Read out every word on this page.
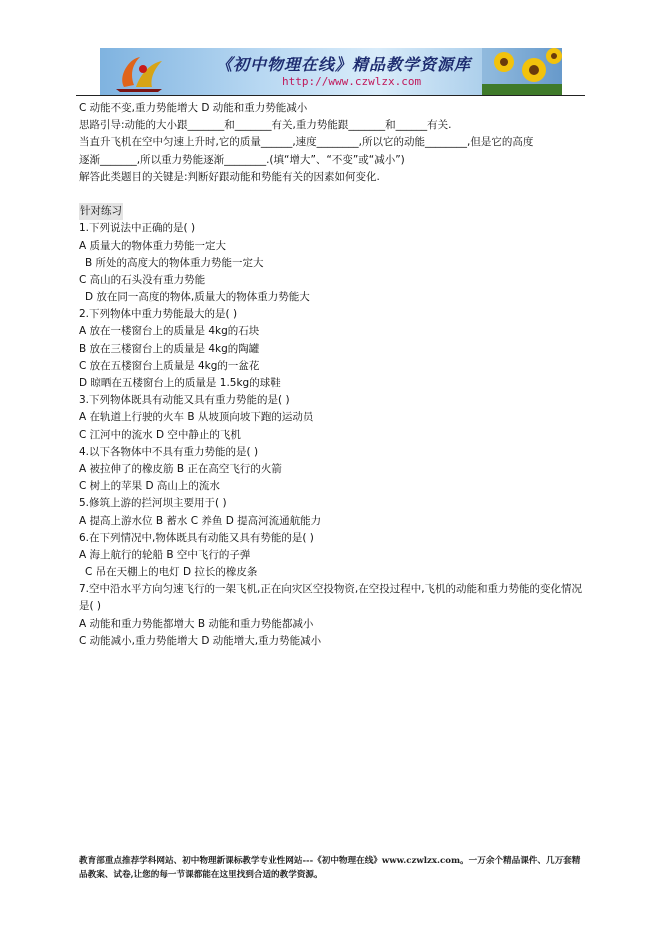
《初中物理在线》精品教学资源库
http://www.czwlzx.com
C 动能不变,重力势能增大 D 动能和重力势能减小
思路引导:动能的大小跟_______和_______有关,重力势能跟_______和______有关.
当直升飞机在空中匀速上升时,它的质量______,速度________,所以它的动能________,但是它的高度
逐渐_______,所以重力势能逐渐________.(填“增大”、“不变”或“减小”)
解答此类题目的关键是:判断好跟动能和势能有关的因素如何变化.
针对练习
1.下列说法中正确的是( )
A 质量大的物体重力势能一定大
B 所处的高度大的物体重力势能一定大
C 高山的石头没有重力势能
D 放在同一高度的物体,质量大的物体重力势能大
2.下列物体中重力势能最大的是( )
A 放在一楼窗台上的质量是 4kg的石块
B 放在三楼窗台上的质量是 4kg的陶罐
C 放在五楼窗台上质量是 4kg的一盆花
D 晾晒在五楼窗台上的质量是 1.5kg的球鞋
3.下列物体既具有动能又具有重力势能的是( )
A 在轨道上行驶的火车 B 从坡顶向坡下跑的运动员
C 江河中的流水 D 空中静止的飞机
4.以下各物体中不具有重力势能的是( )
A 被拉伸了的橡皮筋 B 正在高空飞行的火箭
C 树上的苹果 D 高山上的流水
5.修筑上游的拦河坝主要用于( )
A 提高上游水位 B 蓄水 C 养鱼 D 提高河流通航能力
6.在下列情况中,物体既具有动能又具有势能的是( )
A 海上航行的轮船 B 空中飞行的子弹
C 吊在天棚上的电灯 D 拉长的橡皮条
7.空中沿水平方向匀速飞行的一架飞机,正在向灾区空投物资,在空投过程中,飞机的动能和重力势能的变化情况是( )
A 动能和重力势能都增大 B 动能和重力势能都减小
C 动能减小,重力势能增大 D 动能增大,重力势能减小
教育部重点推荐学科网站、初中物理新课标教学专业性网站---《初中物理在线》www.czwlzx.com。一万余个精品课件、几万套精品教案、试卷,让您的每一节课都能在这里找到合适的教学资源。
